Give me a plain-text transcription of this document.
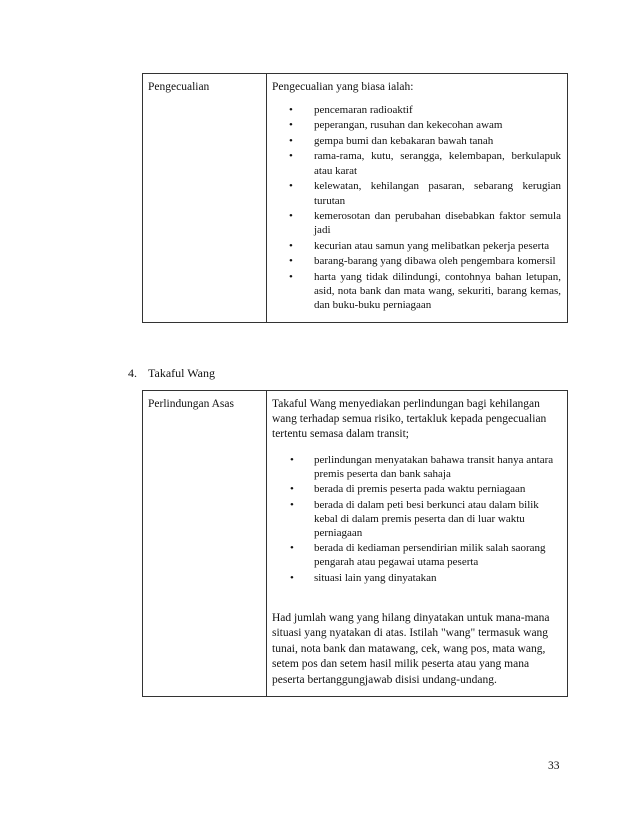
Pengecualian	Pengecualian yang biasa ialah:
• pencemaran radioaktif
• peperangan, rusuhan dan kekecohan awam
• gempa bumi dan kebakaran bawah tanah
• rama-rama, kutu, serangga, kelembapan, berkulapuk atau karat
• kelewatan, kehilangan pasaran, sebarang kerugian turutan
• kemerosotan dan perubahan disebabkan faktor semula jadi
• kecurian atau samun yang melibatkan pekerja peserta
• barang-barang yang dibawa oleh pengembara komersil
• harta yang tidak dilindungi, contohnya bahan letupan, asid, nota bank dan mata wang, sekuriti, barang kemas, dan buku-buku perniagaan
4. Takaful Wang
Perlindungan Asas	Takaful Wang menyediakan perlindungan bagi kehilangan wang terhadap semua risiko, tertakluk kepada pengecualian tertentu semasa dalam transit;
• perlindungan menyatakan bahawa transit hanya antara premis peserta dan bank sahaja
• berada di premis peserta pada waktu perniagaan
• berada di dalam peti besi berkunci atau dalam bilik kebal di dalam premis peserta dan di luar waktu perniagaan
• berada di kediaman persendirian milik salah saorang pengarah atau pegawai utama peserta
• situasi lain yang dinyatakan
Had jumlah wang yang hilang dinyatakan untuk mana-mana situasi yang nyatakan di atas. Istilah "wang" termasuk wang tunai, nota bank dan matawang, cek, wang pos, mata wang, setem pos dan setem hasil milik peserta atau yang mana peserta bertanggungjawab disisi undang-undang.
33
